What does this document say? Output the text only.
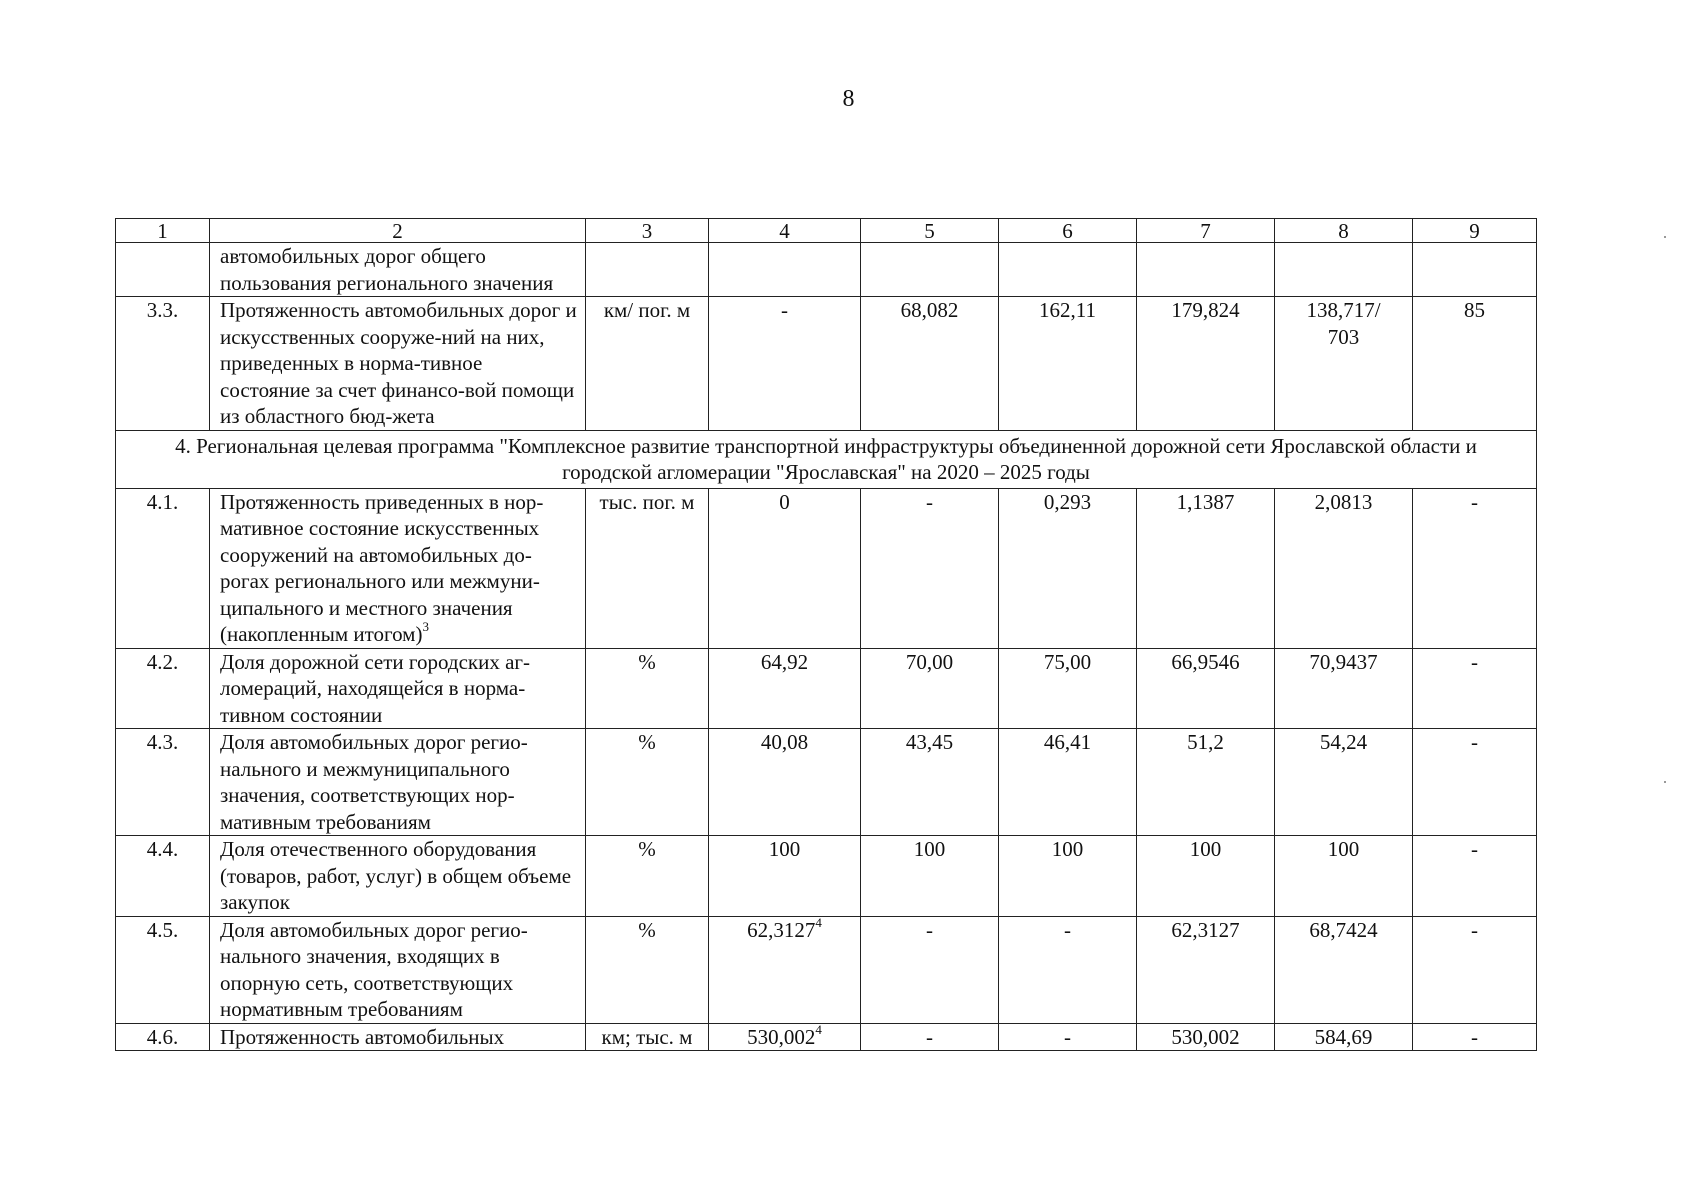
8
1	2	3	4	5	6	7	8	9
	автомобильных дорог общего пользования регионального значения							
3.3.	Протяженность автомобильных дорог и искусственных сооруже-ний на них, приведенных в норма-тивное состояние за счет финансо-вой помощи из областного бюд-жета	км/ пог. м	-	68,082	162,11	179,824	138,717/ 703	85
4. Региональная целевая программа "Комплексное развитие транспортной инфраструктуры объединенной дорожной сети Ярославской области и городской агломерации "Ярославская" на 2020 – 2025 годы								
4.1.	Протяженность приведенных в нор-мативное состояние искусственных сооружений на автомобильных до-рогах регионального или межмуни-ципального и местного значения (накопленным итогом)$^3$	тыс. пог. м	0	-	0,293	1,1387	2,0813	-
4.2.	Доля дорожной сети городских аг-ломераций, находящейся в норма-тивном состоянии	%	64,92	70,00	75,00	66,9546	70,9437	-
4.3.	Доля автомобильных дорог регио-нального и межмуниципального значения, соответствующих нор-мативным требованиям	%	40,08	43,45	46,41	51,2	54,24	-
4.4.	Доля отечественного оборудования (товаров, работ, услуг) в общем объеме закупок	%	100	100	100	100	100	-
4.5.	Доля автомобильных дорог регио-нального значения, входящих в опорную сеть, соответствующих нормативным требованиям	%	62,3127$^4$	-	-	62,3127	68,7424	-
4.6.	Протяженность автомобильных	км; тыс. м	530,002$^4$	-	-	530,002	584,69	-
